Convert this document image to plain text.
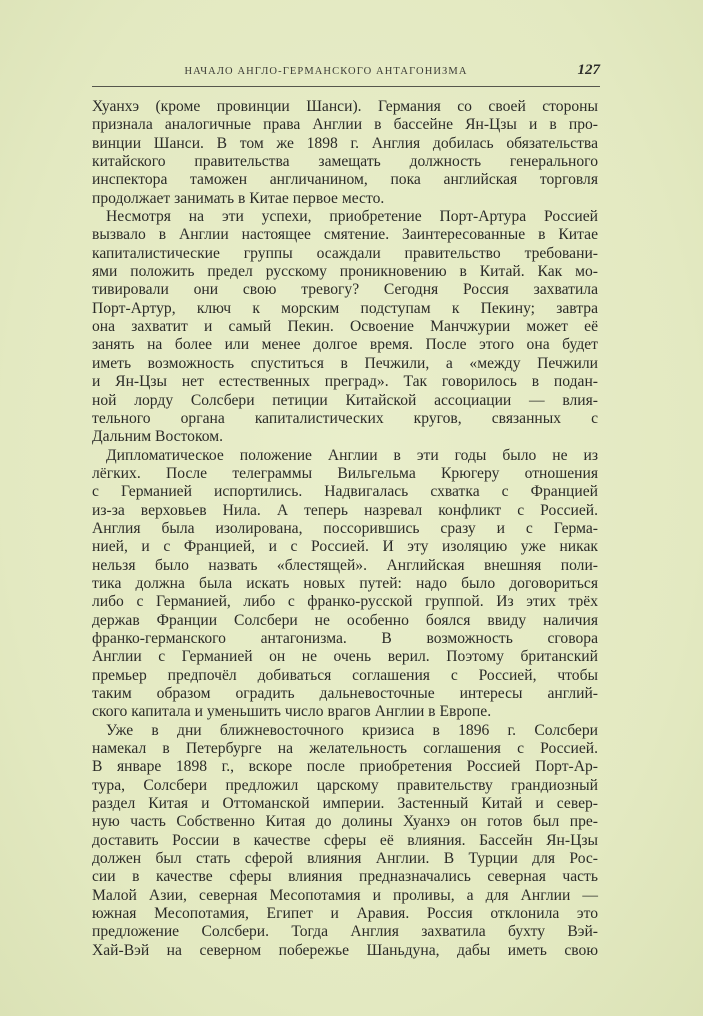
НАЧАЛО АНГЛО-ГЕРМАНСКОГО АНТАГОНИЗМА	127
Хуанхэ (кроме провинции Шанси). Германия со своей стороны
признала аналогичные права Англии в бассейне Ян-Цзы и в про-
винции Шанси. В том же 1898 г. Англия добилась обязательства
китайского правительства замещать должность генерального
инспектора таможен англичанином, пока английская торговля
продолжает занимать в Китае первое место.
Несмотря на эти успехи, приобретение Порт-Артура Россией
вызвало в Англии настоящее смятение. Заинтересованные в Китае
капиталистические группы осаждали правительство требовани-
ями положить предел русскому проникновению в Китай. Как мо-
тивировали они свою тревогу? Сегодня Россия захватила
Порт-Артур, ключ к морским подступам к Пекину; завтра
она захватит и самый Пекин. Освоение Манчжурии может её
занять на более или менее долгое время. После этого она будет
иметь возможность спуститься в Печжили, а «между Печжили
и Ян-Цзы нет естественных преград». Так говорилось в подан-
ной лорду Солсбери петиции Китайской ассоциации — влия-
тельного органа капиталистических кругов, связанных с
Дальним Востоком.
Дипломатическое положение Англии в эти годы было не из
лёгких. После телеграммы Вильгельма Крюгеру отношения
с Германией испортились. Надвигалась схватка с Францией
из-за верховьев Нила. А теперь назревал конфликт с Россией.
Англия была изолирована, поссорившись сразу и с Герма-
нией, и с Францией, и с Россией. И эту изоляцию уже никак
нельзя было назвать «блестящей». Английская внешняя поли-
тика должна была искать новых путей: надо было договориться
либо с Германией, либо с франко-русской группой. Из этих трёх
держав Франции Солсбери не особенно боялся ввиду наличия
франко-германского антагонизма. В возможность сговора
Англии с Германией он не очень верил. Поэтому британский
премьер предпочёл добиваться соглашения с Россией, чтобы
таким образом оградить дальневосточные интересы англий-
ского капитала и уменьшить число врагов Англии в Европе.
Уже в дни ближневосточного кризиса в 1896 г. Солсбери
намекал в Петербурге на желательность соглашения с Россией.
В январе 1898 г., вскоре после приобретения Россией Порт-Ар-
тура, Солсбери предложил царскому правительству грандиозный
раздел Китая и Оттоманской империи. Застенный Китай и север-
ную часть Собственно Китая до долины Хуанхэ он готов был пре-
доставить России в качестве сферы её влияния. Бассейн Ян-Цзы
должен был стать сферой влияния Англии. В Турции для Рос-
сии в качестве сферы влияния предназначались северная часть
Малой Азии, северная Месопотамия и проливы, а для Англии —
южная Месопотамия, Египет и Аравия. Россия отклонила это
предложение Солсбери. Тогда Англия захватила бухту Вэй-
Хай-Вэй на северном побережье Шаньдуна, дабы иметь свою
